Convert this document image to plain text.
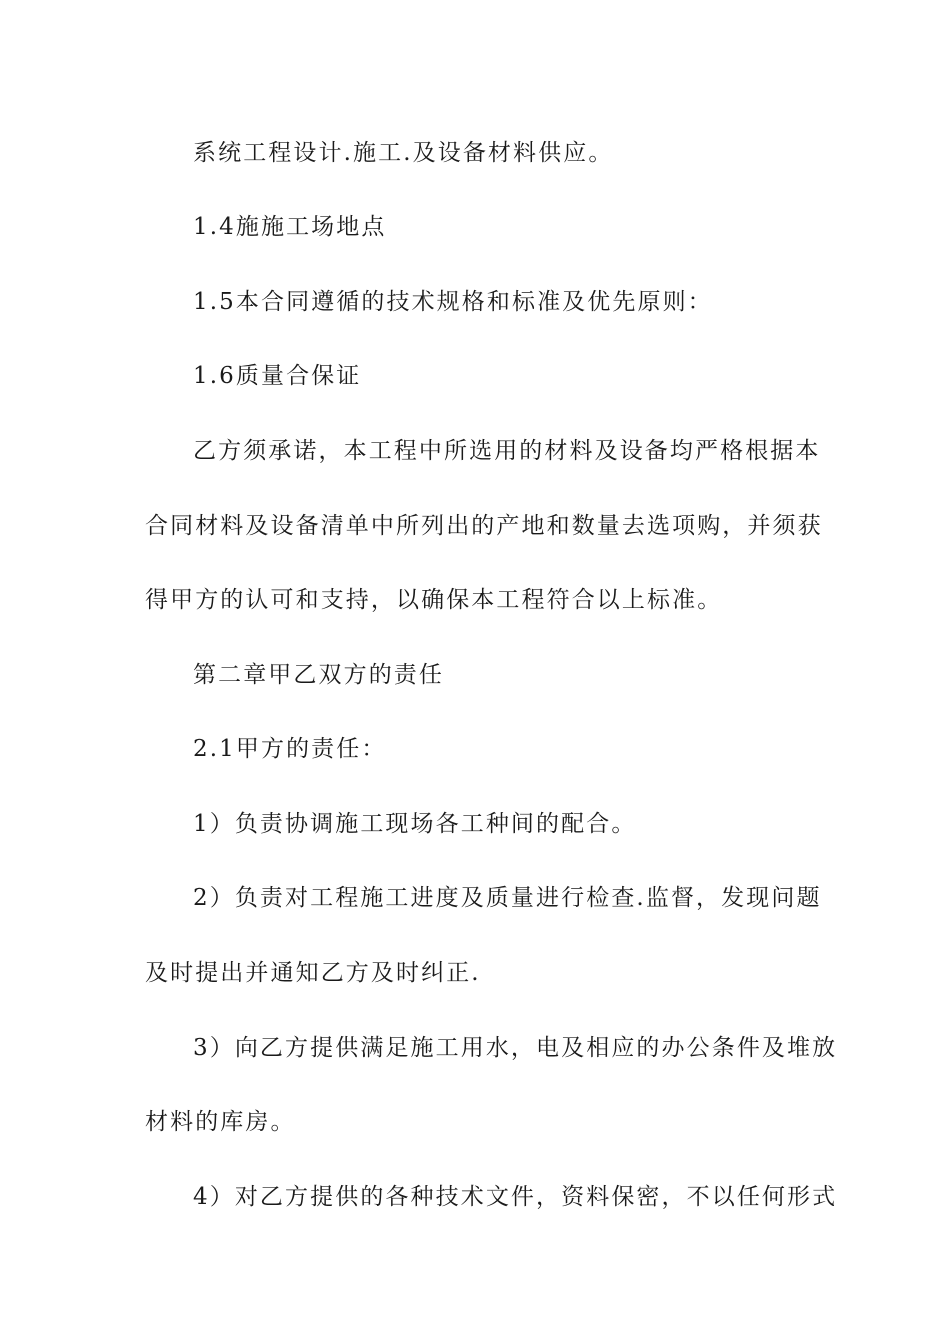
系统工程设计.施工.及设备材料供应。

1.4施施工场地点

1.5本合同遵循的技术规格和标准及优先原则：

1.6质量合保证

乙方须承诺，本工程中所选用的材料及设备均严格根据本

合同材料及设备清单中所列出的产地和数量去选项购，并须获

得甲方的认可和支持，以确保本工程符合以上标准。

第二章甲乙双方的责任

2.1甲方的责任：

1）负责协调施工现场各工种间的配合。

2）负责对工程施工进度及质量进行检查.监督，发现问题

及时提出并通知乙方及时纠正.

3）向乙方提供满足施工用水，电及相应的办公条件及堆放

材料的库房。

4）对乙方提供的各种技术文件，资料保密，不以任何形式
